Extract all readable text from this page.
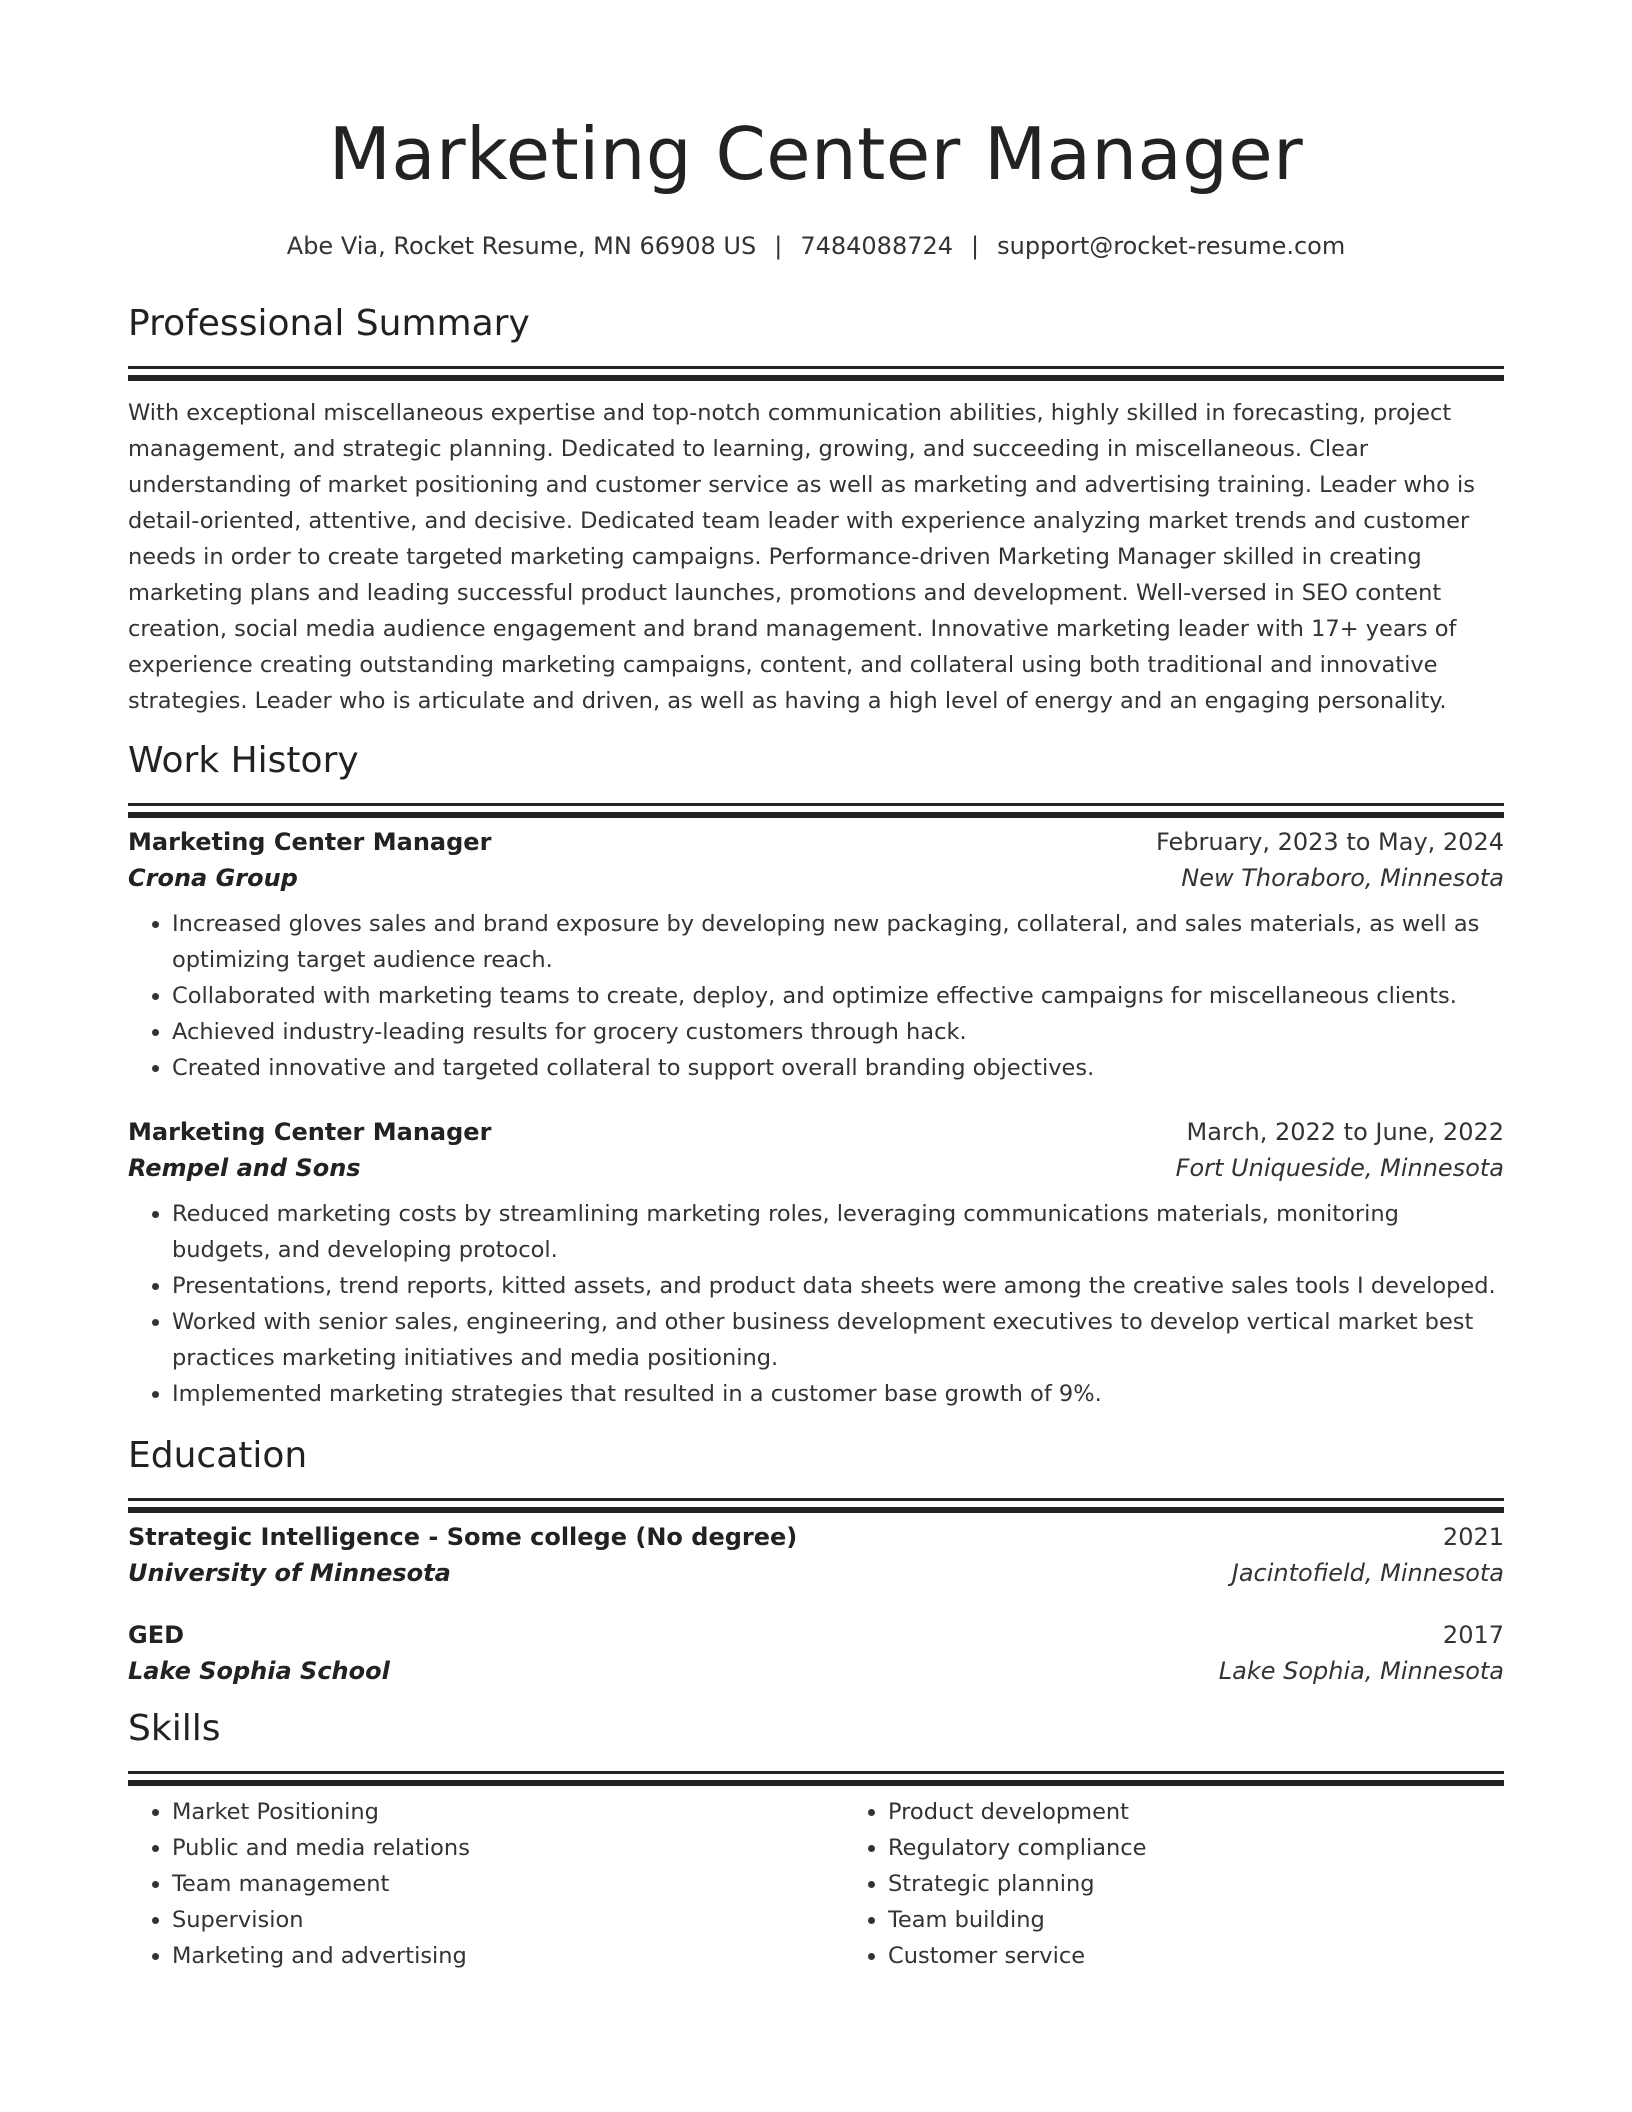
Marketing Center Manager
Abe Via, Rocket Resume, MN 66908 US | 7484088724 | support@rocket-resume.com
Professional Summary
With exceptional miscellaneous expertise and top-notch communication abilities, highly skilled in forecasting, project management, and strategic planning. Dedicated to learning, growing, and succeeding in miscellaneous. Clear understanding of market positioning and customer service as well as marketing and advertising training. Leader who is detail-oriented, attentive, and decisive. Dedicated team leader with experience analyzing market trends and customer needs in order to create targeted marketing campaigns. Performance-driven Marketing Manager skilled in creating marketing plans and leading successful product launches, promotions and development. Well-versed in SEO content creation, social media audience engagement and brand management. Innovative marketing leader with 17+ years of experience creating outstanding marketing campaigns, content, and collateral using both traditional and innovative strategies. Leader who is articulate and driven, as well as having a high level of energy and an engaging personality.
Work History
Marketing Center Manager	February, 2023 to May, 2024
Crona Group	New Thoraboro, Minnesota
• Increased gloves sales and brand exposure by developing new packaging, collateral, and sales materials, as well as optimizing target audience reach.
• Collaborated with marketing teams to create, deploy, and optimize effective campaigns for miscellaneous clients.
• Achieved industry-leading results for grocery customers through hack.
• Created innovative and targeted collateral to support overall branding objectives.
Marketing Center Manager	March, 2022 to June, 2022
Rempel and Sons	Fort Uniqueside, Minnesota
• Reduced marketing costs by streamlining marketing roles, leveraging communications materials, monitoring budgets, and developing protocol.
• Presentations, trend reports, kitted assets, and product data sheets were among the creative sales tools I developed.
• Worked with senior sales, engineering, and other business development executives to develop vertical market best practices marketing initiatives and media positioning.
• Implemented marketing strategies that resulted in a customer base growth of 9%.
Education
Strategic Intelligence - Some college (No degree)	2021
University of Minnesota	Jacintofield, Minnesota
GED	2017
Lake Sophia School	Lake Sophia, Minnesota
Skills
• Market Positioning
• Public and media relations
• Team management
• Supervision
• Marketing and advertising
• Product development
• Regulatory compliance
• Strategic planning
• Team building
• Customer service
